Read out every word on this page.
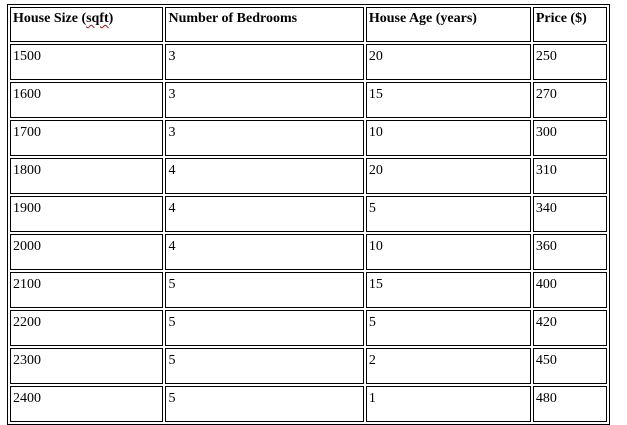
House Size (sqft)	Number of Bedrooms	House Age (years)	Price ($)
1500	3	20	250
1600	3	15	270
1700	3	10	300
1800	4	20	310
1900	4	5	340
2000	4	10	360
2100	5	15	400
2200	5	5	420
2300	5	2	450
2400	5	1	480
